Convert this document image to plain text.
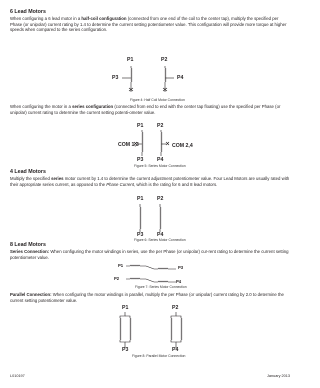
6 Lead Motors
When configuring a 6 lead motor in a half-coil configuration (connected from one end of the coil to the center tap), multiply the specified per Phase (or unipolar) current rating by 1.4 to determine the current setting potentiometer value. This configuration will provide more torque at higher speeds when compared to the series configuration.
P1	P2
P3	P4
Figure 4: Half Coil Motor Connection
When configuring the motor in a series configuration (connected from end to end with the center tap floating) use the specified per Phase (or unipolar) current rating to determine the current setting potenti-ometer value.
P1	P2
COM 1,3	COM 2,4
P3	P4
Figure 5: Series Motor Connection
4 Lead Motors
Multiply the specified series motor current by 1.4 to determine the current adjustment potentiometer value. Four Lead Motors are usually rated with their appropriate series current, as opposed to the Phase Current, which is the rating for 6 and 8 lead motors.
P1	P2
P3	P4
Figure 6: Series Motor Connection
8 Lead Motors
Series Connection: When configuring the motor windings in series, use the per Phase (or unipolar) cur-rent rating to determine the current setting potentiometer value.
P1	P3
P2
P4
Figure 7: Series Motor Connection
Parallel Connection: When configuring the motor windings in parallel, multiply the per Phase (or unipolar) current rating by 2.0 to determine the current setting potentiometer value.
P1	P2
P3	P4
Figure 8: Parallel Motor Connection
L010197	January 2013
